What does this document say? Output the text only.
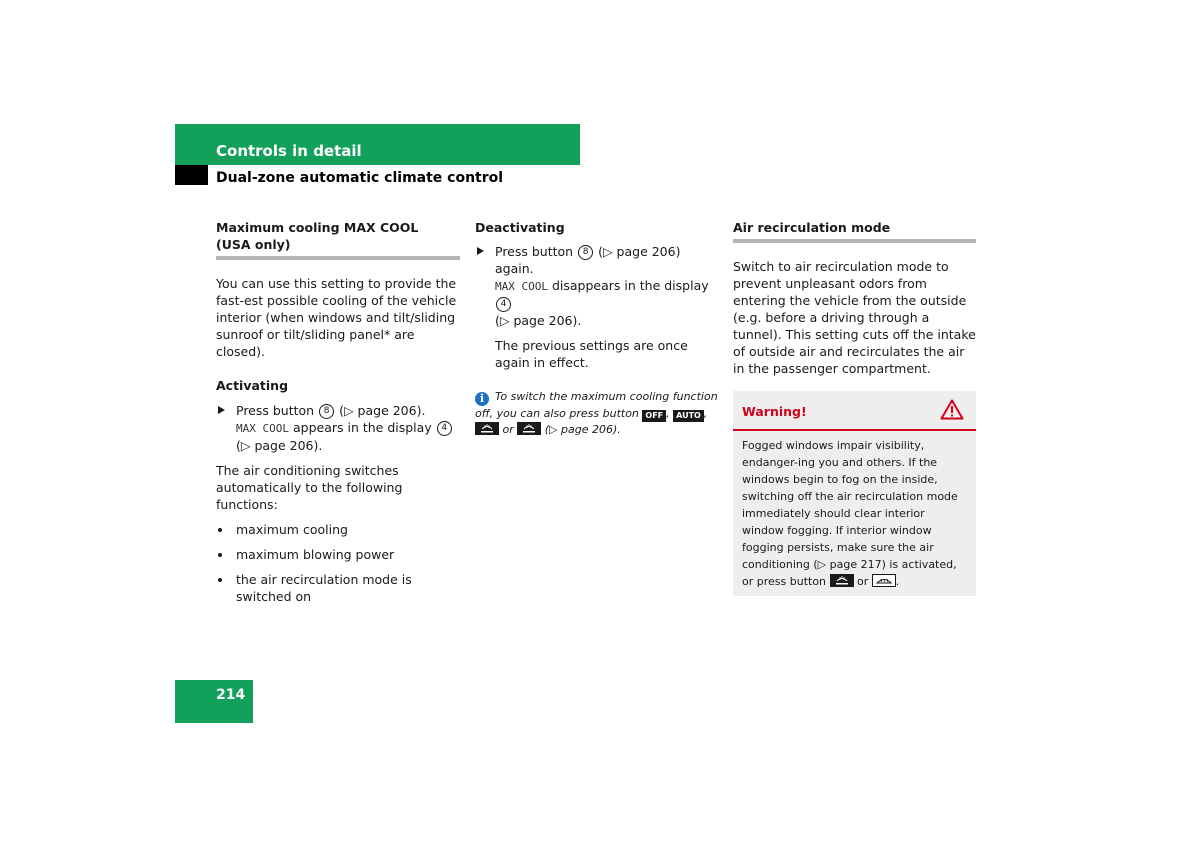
Controls in detail
Dual-zone automatic climate control
Maximum cooling MAX COOL
(USA only)

You can use this setting to provide the fast-est possible cooling of the vehicle interior (when windows and tilt/sliding sunroof or tilt/sliding panel* are closed).

Activating

Press button 8 (▷ page 206).
MAX COOL appears in the display 4
(▷ page 206).

The air conditioning switches automatically to the following functions:

maximum cooling
maximum blowing power
the air recirculation mode is switched on

Deactivating

Press button 8 (▷ page 206) again.
MAX COOL disappears in the display 4
(▷ page 206).

The previous settings are once again in effect.

i To switch the maximum cooling function off, you can also press button OFF , AUTO ,
or	(▷ page 206).
Air recirculation mode

Switch to air recirculation mode to prevent unpleasant odors from entering the vehicle from the outside (e.g. before a driving through a tunnel). This setting cuts off the intake of outside air and recirculates the air in the passenger compartment.

Warning!
Fogged windows impair visibility, endanger-ing you and others. If the windows begin to fog on the inside, switching off the air recirculation mode immediately should clear interior window fogging. If interior window fogging persists, make sure the air conditioning (▷ page 217) is activated, or press button	or	.
214
